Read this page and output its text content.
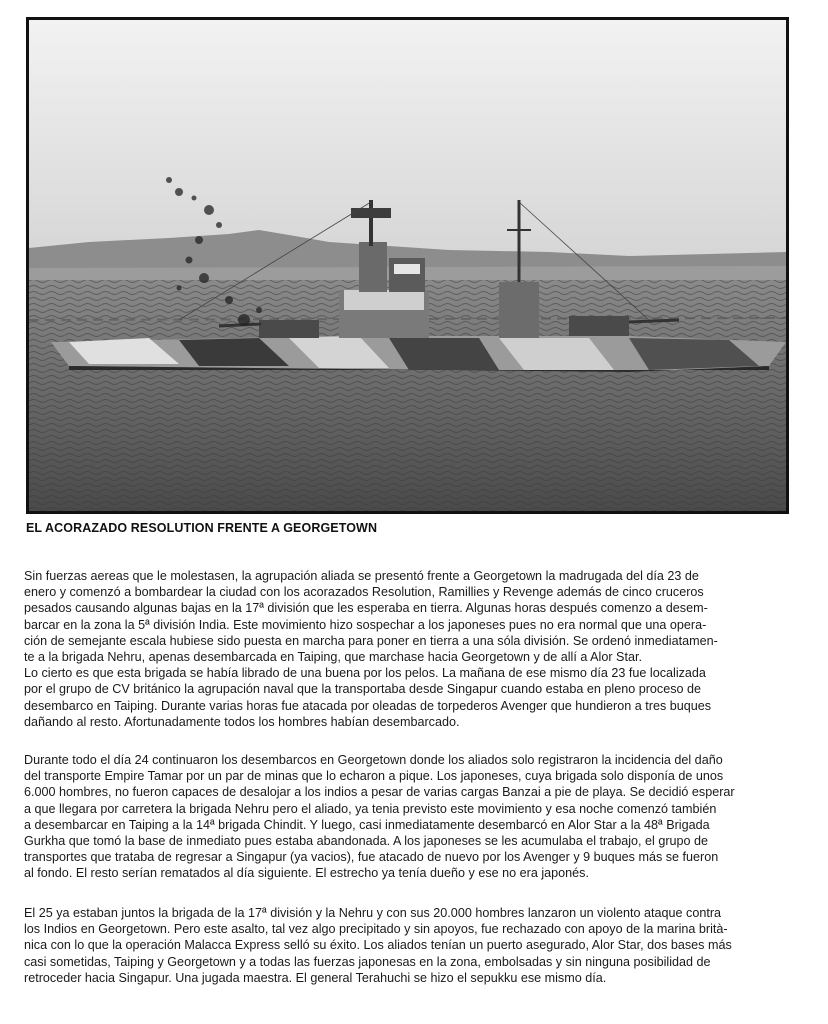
EL ACORAZADO RESOLUTION FRENTE A GEORGETOWN

Sin fuerzas aereas que le molestasen, la agrupación aliada se presentó frente a Georgetown la madrugada del día 23 de

enero y comenzó a bombardear la ciudad con los acorazados Resolution, Ramillies y Revenge además de cinco cruceros

pesados causando algunas bajas en la 17ª división que les esperaba en tierra. Algunas horas después comenzo a desem-

barcar en la zona la 5ª división India. Este movimiento hizo sospechar a los japoneses pues no era normal que una opera-

ción de semejante escala hubiese sido puesta en marcha para poner en tierra a una sóla división. Se ordenó inmediatamen-

te a la brigada Nehru, apenas desembarcada en Taiping, que marchase hacia Georgetown y de allí a Alor Star.

Lo cierto es que esta brigada se había librado de una buena por los pelos. La mañana de ese mismo día 23 fue localizada

por el grupo de CV británico la agrupación naval que la transportaba desde Singapur cuando estaba en pleno proceso de

desembarco en Taiping. Durante varias horas fue atacada por oleadas de torpederos Avenger que hundieron a tres buques

dañando al resto. Afortunadamente todos los hombres habían desembarcado.

Durante todo el día 24 continuaron los desembarcos en Georgetown donde los aliados solo registraron la incidencia del daño

del transporte Empire Tamar por un par de minas que lo echaron a pique. Los japoneses, cuya brigada solo disponía de unos

6.000 hombres, no fueron capaces de desalojar a los indios a pesar de varias cargas Banzai a pie de playa. Se decidió esperar

a que llegara por carretera la brigada Nehru pero el aliado, ya tenia previsto este movimiento y esa noche comenzó también

a desembarcar en Taiping a la 14ª brigada Chindit. Y luego, casi inmediatamente desembarcó en Alor Star a la 48ª Brigada

Gurkha que tomó la base de inmediato pues estaba abandonada. A los japoneses se les acumulaba el trabajo, el grupo de

transportes que trataba de regresar a Singapur (ya vacios), fue atacado de nuevo por los Avenger y 9 buques más se fueron

al fondo. El resto serían rematados al día siguiente. El estrecho ya tenía dueño y ese no era japonés.

El 25 ya estaban juntos la brigada de la 17ª división y la Nehru y con sus 20.000 hombres lanzaron un violento ataque contra

los Indios en Georgetown. Pero este asalto, tal vez algo precipitado y sin apoyos, fue rechazado con apoyo de la marina brità-

nica con lo que la operación Malacca Express selló su éxito. Los aliados tenían un puerto asegurado, Alor Star, dos bases más

casi sometidas, Taiping y Georgetown y a todas las fuerzas japonesas en la zona, embolsadas y sin ninguna posibilidad de

retroceder hacia Singapur. Una jugada maestra. El general Terahuchi se hizo el sepukku ese mismo día.
